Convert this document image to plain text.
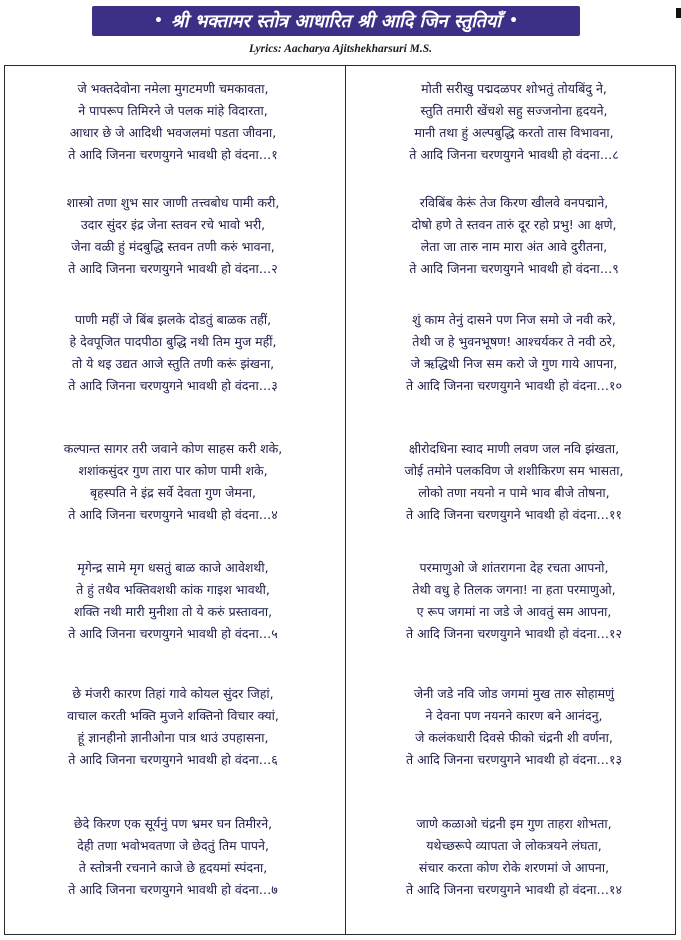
• श्री भक्तामर स्तोत्र आधारित श्री आदि जिन स्तुतियाँ •
Lyrics: Aacharya Ajitshekharsuri M.S.
जे भक्तदेवोना नमेला मुगटमणी चमकावता,
ने पापरूप तिमिरने जे पलक मांहे विदारता,
आधार छे जे आदिथी भवजलमां पडता जीवना,
ते आदि जिनना चरणयुगने भावथी हो वंदना…१
शास्त्रो तणा शुभ सार जाणी तत्त्वबोध पामी करी,
उदार सुंदर इंद्र जेना स्तवन रचे भावो भरी,
जेना वळी हुं मंदबुद्धि स्तवन तणी करुं भावना,
ते आदि जिनना चरणयुगने भावथी हो वंदना…२
पाणी महीं जे बिंब झलके दोडतुं बाळक तहीं,
हे देवपूजित पादपीठा बुद्धि नथी तिम मुज महीं,
तो ये थइ उद्यत आजे स्तुति तणी करूं झंखना,
ते आदि जिनना चरणयुगने भावथी हो वंदना…३
कल्पान्त सागर तरी जवाने कोण साहस करी शके,
शशांकसुंदर गुण तारा पार कोण पामी शके,
बृहस्पति ने इंद्र सर्वे देवता गुण जेमना,
ते आदि जिनना चरणयुगने भावथी हो वंदना…४
मृगेन्द्र सामे मृग धसतुं बाळ काजे आवेशथी,
ते हुं तथैव भक्तिवशथी कांक गाइश भावथी,
शक्ति नथी मारी मुनीशा तो ये करुं प्रस्तावना,
ते आदि जिनना चरणयुगने भावथी हो वंदना…५
छे मंजरी कारण तिहां गावे कोयल सुंदर जिहां,
वाचाल करती भक्ति मुजने शक्तिनो विचार क्यां,
हूं ज्ञानहीनो ज्ञानीओना पात्र थाउं उपहासना,
ते आदि जिनना चरणयुगने भावथी हो वंदना…६
छेदे किरण एक सूर्यनुं पण भ्रमर घन तिमीरने,
देही तणा भवोभवतणा जे छेदतुं तिम पापने,
ते स्तोत्रनी रचनाने काजे छे हृदयमां स्पंदना,
ते आदि जिनना चरणयुगने भावथी हो वंदना…७
मोती सरीखु पद्मदळपर शोभतुं तोयबिंदु ने,
स्तुति तमारी खेंचशे सहु सज्जनोना हृदयने,
मानी तथा हुं अल्पबुद्धि करतो तास विभावना,
ते आदि जिनना चरणयुगने भावथी हो वंदना…८
रविबिंब केरूं तेज किरण खीलवे वनपद्माने,
दोषो हणे ते स्तवन तारुं दूर रहो प्रभु! आ क्षणे,
लेता जा तारु नाम मारा अंत आवे दुरीतना,
ते आदि जिनना चरणयुगने भावथी हो वंदना…९
शुं काम तेनुं दासने पण निज समो जे नवी करे,
तेथी ज हे भुवनभूषण! आश्चर्यकर ते नवी ठरे,
जे ऋद्धिथी निज सम करो जे गुण गाये आपना,
ते आदि जिनना चरणयुगने भावथी हो वंदना…१०
क्षीरोदधिना स्वाद माणी लवण जल नवि झंखता,
जोई तमोने पलकविण जे शशीकिरण सम भासता,
लोको तणा नयनो न पामे भाव बीजे तोषना,
ते आदि जिनना चरणयुगने भावथी हो वंदना…११
परमाणुओ जे शांतरागना देह रचता आपनो,
तेथी वधु हे तिलक जगना! ना हता परमाणुओ,
ए रूप जगमां ना जडे जे आवतुं सम आपना,
ते आदि जिनना चरणयुगने भावथी हो वंदना…१२
जेनी जडे नवि जोड जगमां मुख तारु सोहामणुं
ने देवना पण नयनने कारण बने आनंदनु,
जे कलंकधारी दिवसे फीको चंद्रनी शी वर्णना,
ते आदि जिनना चरणयुगने भावथी हो वंदना…१३
जाणे कळाओ चंद्रनी इम गुण ताहरा शोभता,
यथेच्छरूपे व्यापता जे लोकत्रयने लंघता,
संचार करता कोण रोके शरणमां जे आपना,
ते आदि जिनना चरणयुगने भावथी हो वंदना…१४
